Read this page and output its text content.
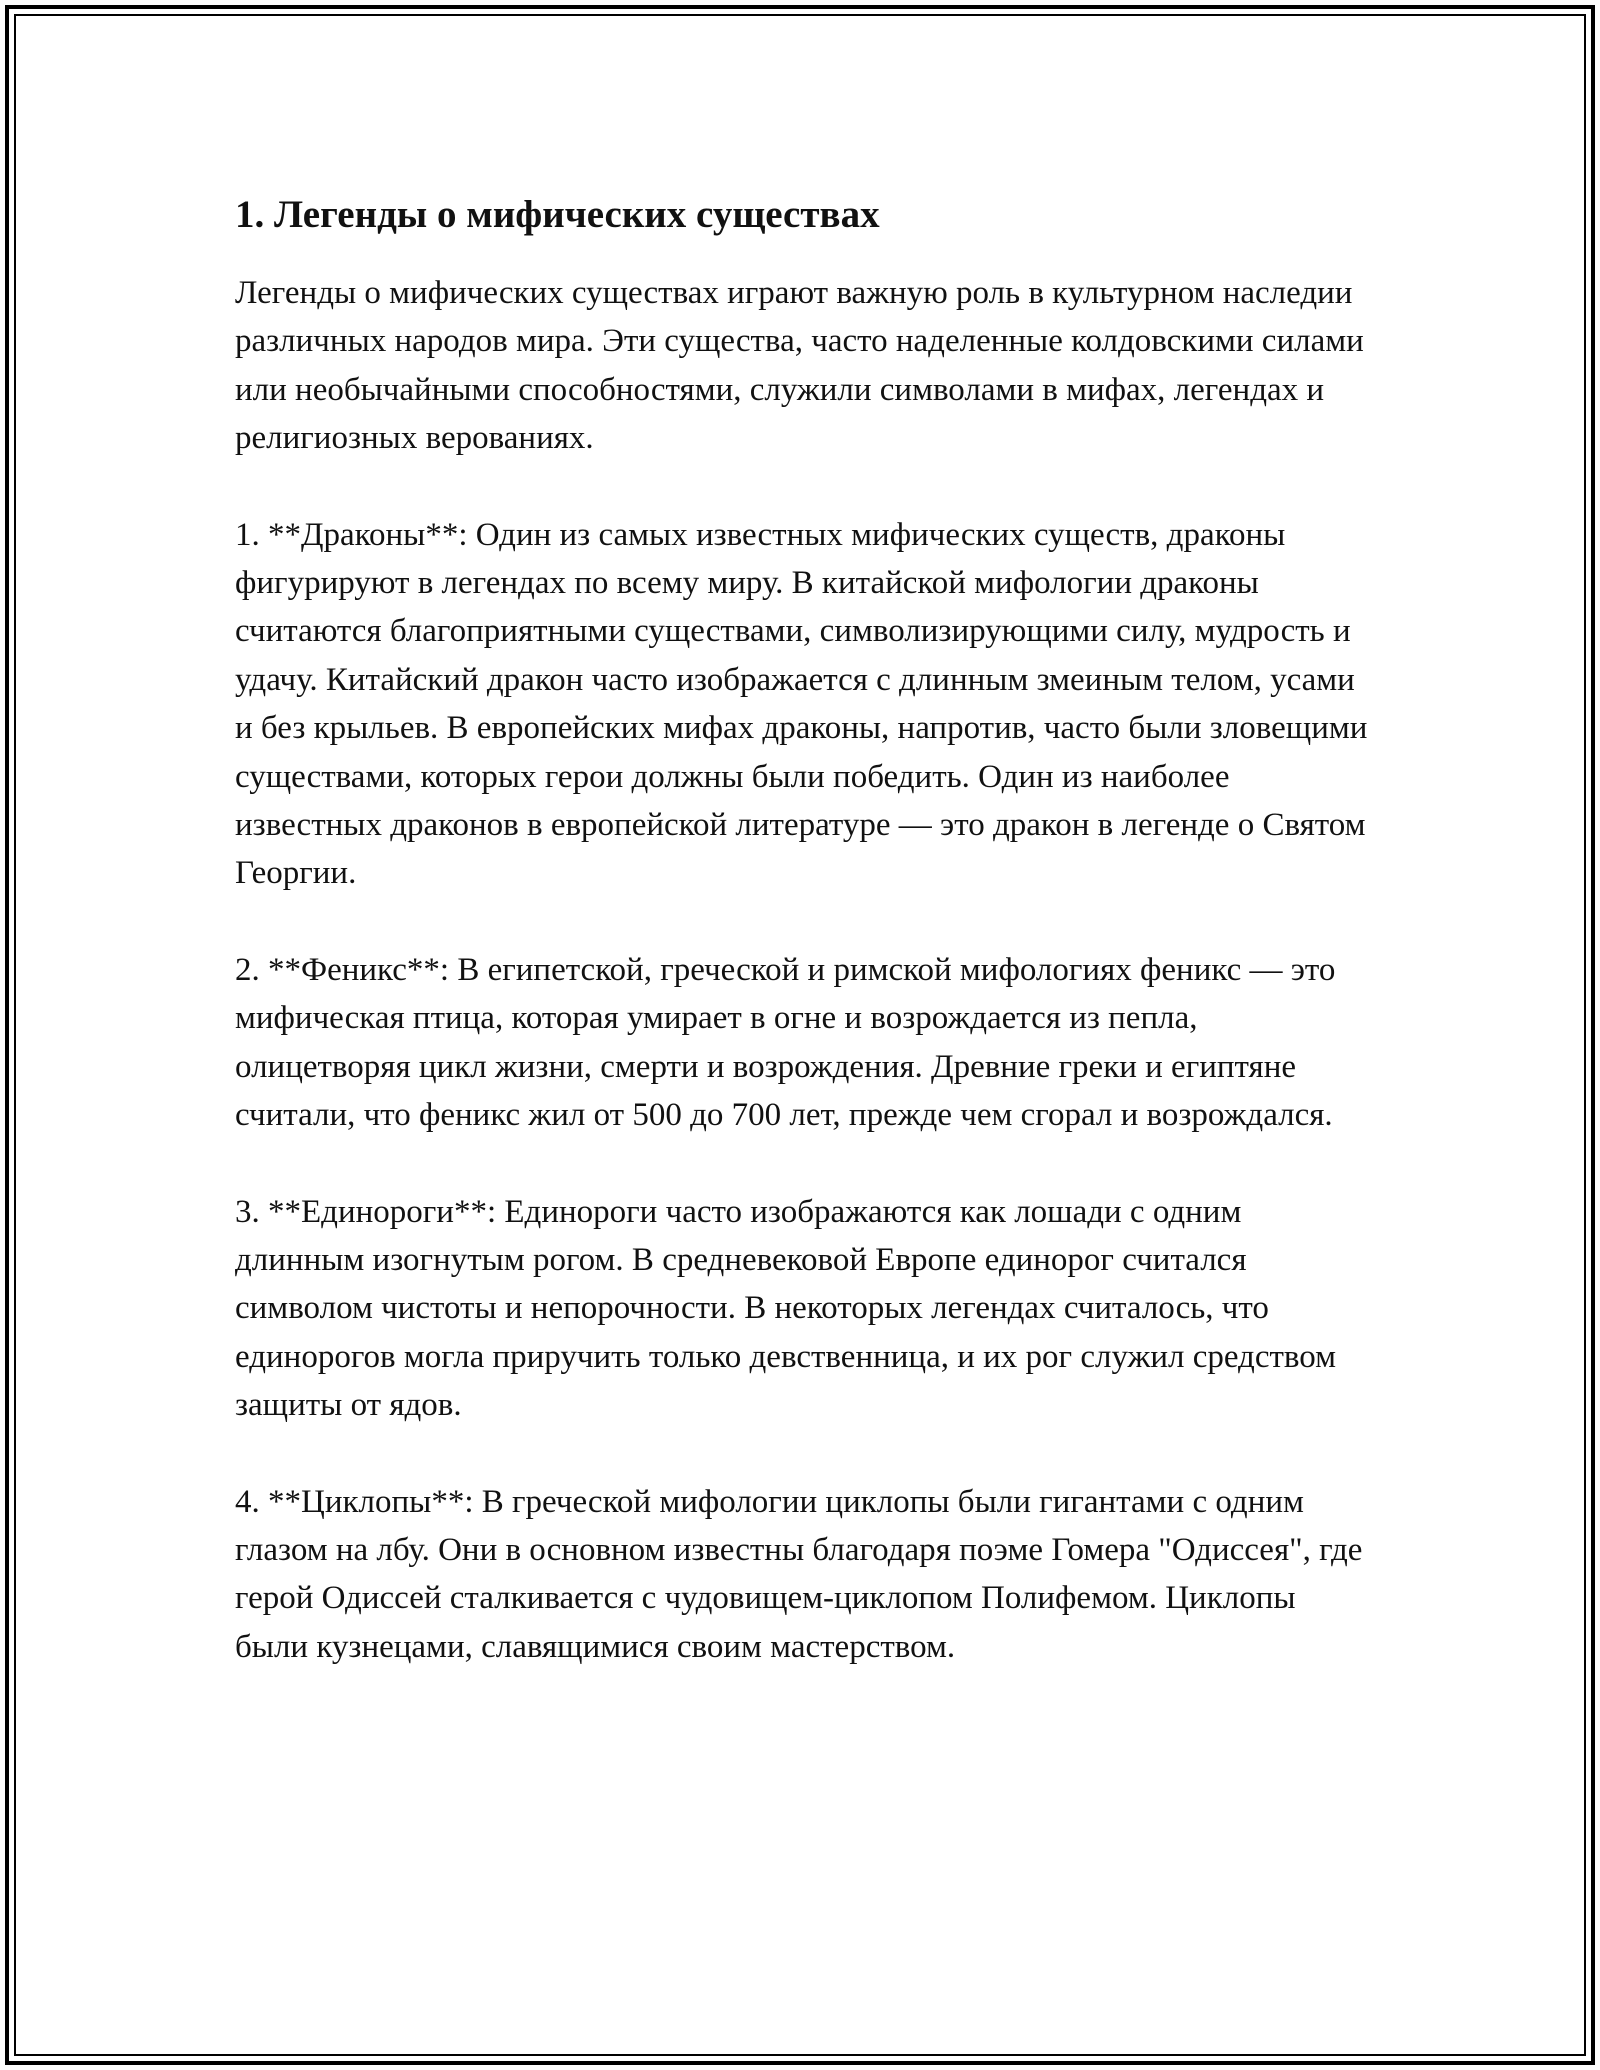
1. Легенды о мифических существах

Легенды о мифических существах играют важную роль в культурном наследии различных народов мира. Эти существа, часто наделенные колдовскими силами или необычайными способностями, служили символами в мифах, легендах и религиозных верованиях.

1. **Драконы**: Один из самых известных мифических существ, драконы фигурируют в легендах по всему миру. В китайской мифологии драконы считаются благоприятными существами, символизирующими силу, мудрость и удачу. Китайский дракон часто изображается с длинным змеиным телом, усами и без крыльев. В европейских мифах драконы, напротив, часто были зловещими существами, которых герои должны были победить. Один из наиболее известных драконов в европейской литературе — это дракон в легенде о Святом Георгии.

2. **Феникс**: В египетской, греческой и римской мифологиях феникс — это мифическая птица, которая умирает в огне и возрождается из пепла, олицетворяя цикл жизни, смерти и возрождения. Древние греки и египтяне считали, что феникс жил от 500 до 700 лет, прежде чем сгорал и возрождался.

3. **Единороги**: Единороги часто изображаются как лошади с одним длинным изогнутым рогом. В средневековой Европе единорог считался символом чистоты и непорочности. В некоторых легендах считалось, что единорогов могла приручить только девственница, и их рог служил средством защиты от ядов.

4. **Циклопы**: В греческой мифологии циклопы были гигантами с одним глазом на лбу. Они в основном известны благодаря поэме Гомера "Одиссея", где герой Одиссей сталкивается с чудовищем-циклопом Полифемом. Циклопы были кузнецами, славящимися своим мастерством.
